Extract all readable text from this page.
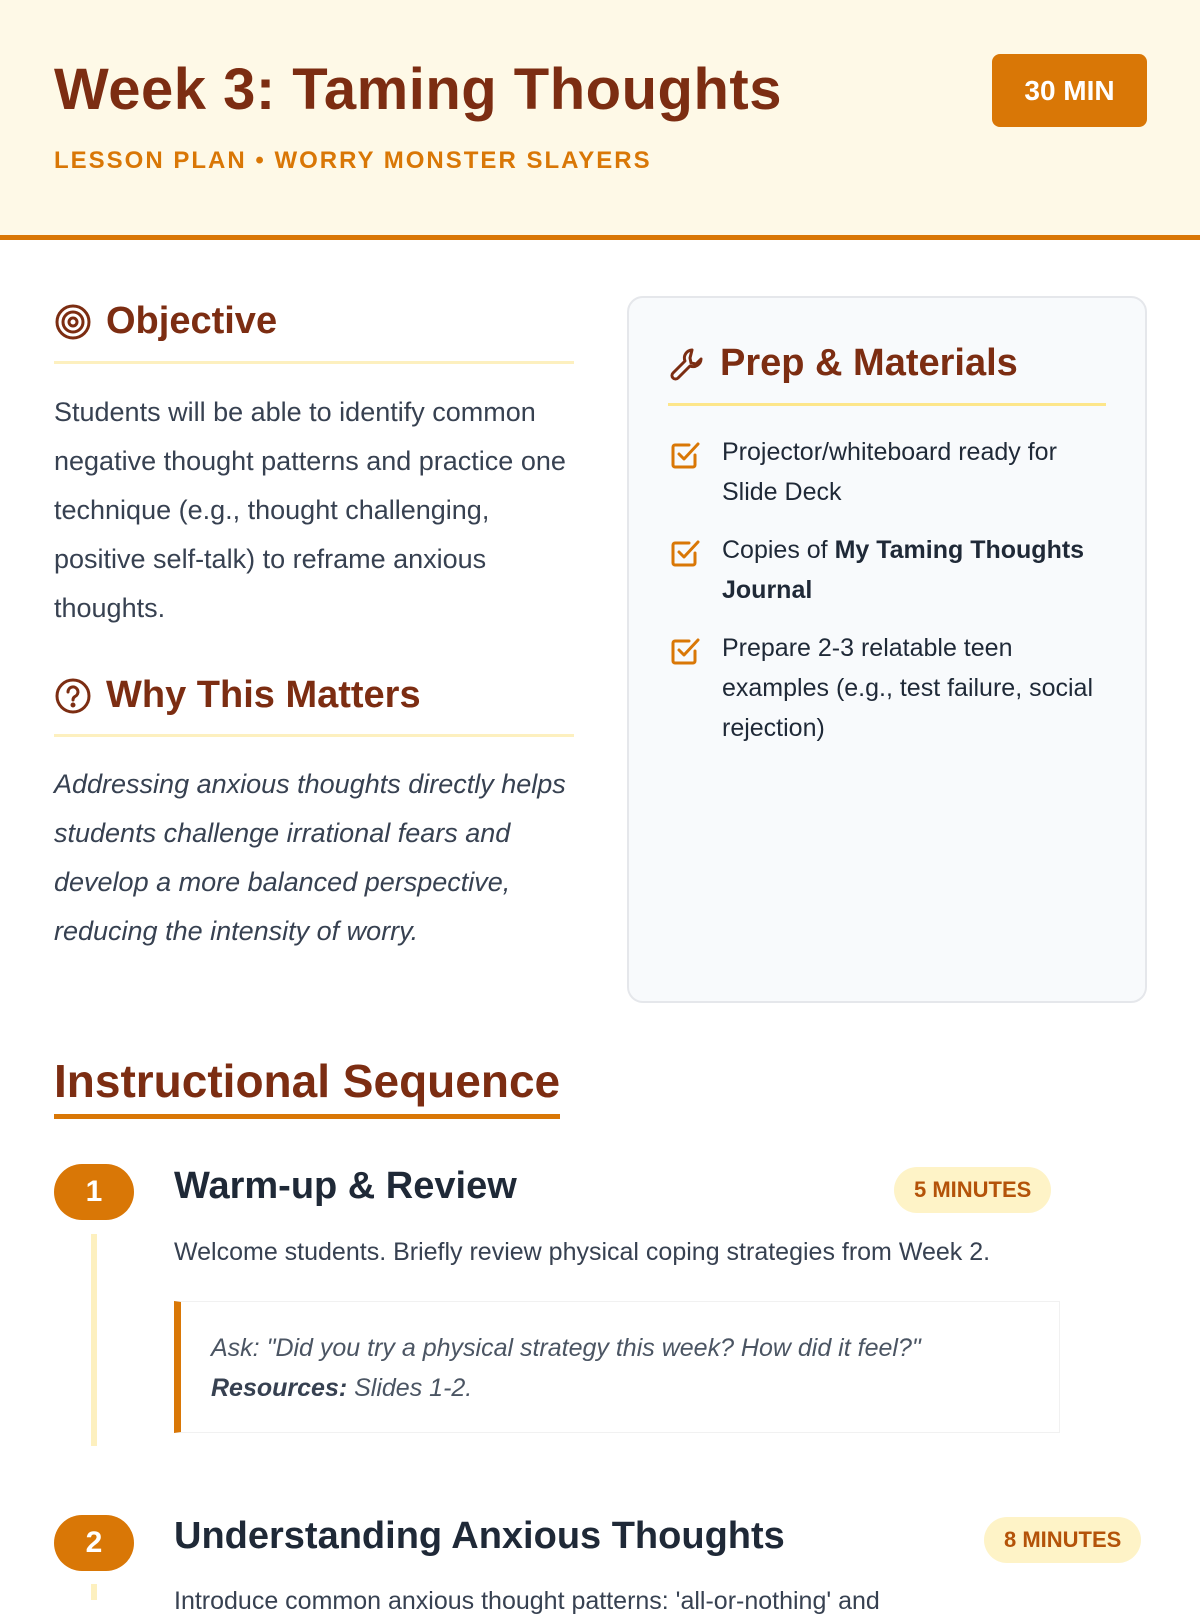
Week 3: Taming Thoughts
LESSON PLAN • WORRY MONSTER SLAYERS
30 MIN
Objective

Students will be able to identify common negative thought patterns and practice one technique (e.g., thought challenging, positive self-talk) to reframe anxious thoughts.

Why This Matters

Addressing anxious thoughts directly helps students challenge irrational fears and develop a more balanced perspective, reducing the intensity of worry.

Prep & Materials
Projector/whiteboard ready for Slide Deck
Copies of My Taming Thoughts Journal
Prepare 2-3 relatable teen examples (e.g., test failure, social rejection)
Instructional Sequence
1	Warm-up & Review	5 MINUTES
Welcome students. Briefly review physical coping strategies from Week 2.

Ask: "Did you try a physical strategy this week? How did it feel?"

Resources: Slides 1-2.

2	Understanding Anxious Thoughts	8 MINUTES
Introduce common anxious thought patterns: 'all-or-nothing' and
